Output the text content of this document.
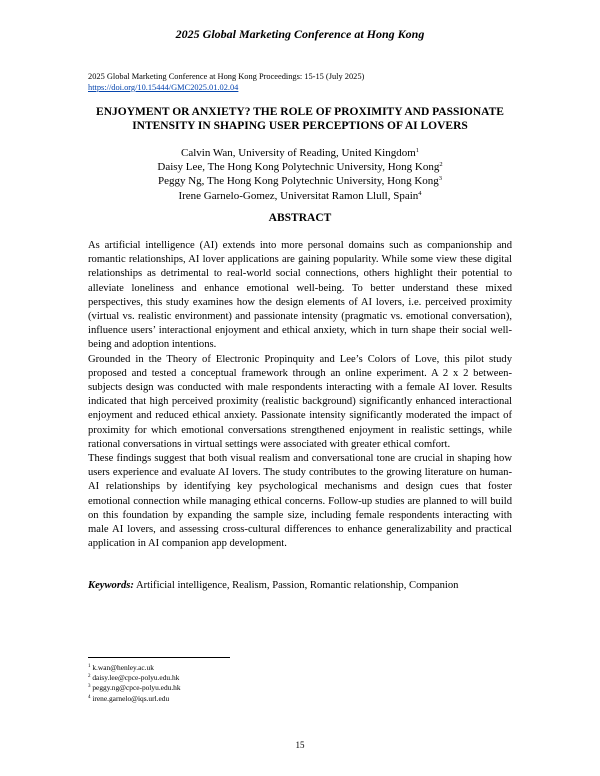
2025 Global Marketing Conference at Hong Kong
2025 Global Marketing Conference at Hong Kong Proceedings: 15-15 (July 2025)
https://doi.org/10.15444/GMC2025.01.02.04
ENJOYMENT OR ANXIETY? THE ROLE OF PROXIMITY AND PASSIONATE
INTENSITY IN SHAPING USER PERCEPTIONS OF AI LOVERS
Calvin Wan, University of Reading, United Kingdom$^1$
Daisy Lee, The Hong Kong Polytechnic University, Hong Kong$^2$
Peggy Ng, The Hong Kong Polytechnic University, Hong Kong$^3$
Irene Garnelo-Gomez, Universitat Ramon Llull, Spain$^4$
ABSTRACT

As artificial intelligence (AI) extends into more personal domains such as companionship and romantic relationships, AI lover applications are gaining popularity. While some view these digital relationships as detrimental to real-world social connections, others highlight their potential to alleviate loneliness and enhance emotional well-being. To better understand these mixed perspectives, this study examines how the design elements of AI lovers, i.e. perceived proximity (virtual vs. realistic environment) and passionate intensity (pragmatic vs. emotional conversation), influence users’ interactional enjoyment and ethical anxiety, which in turn shape their social well-being and adoption intentions.

Grounded in the Theory of Electronic Propinquity and Lee’s Colors of Love, this pilot study proposed and tested a conceptual framework through an online experiment. A 2 x 2 between-subjects design was conducted with male respondents interacting with a female AI lover. Results indicated that high perceived proximity (realistic background) significantly enhanced interactional enjoyment and reduced ethical anxiety. Passionate intensity significantly moderated the impact of proximity for which emotional conversations strengthened enjoyment in realistic settings, while rational conversations in virtual settings were associated with greater ethical comfort.

These findings suggest that both visual realism and conversational tone are crucial in shaping how users experience and evaluate AI lovers. The study contributes to the growing literature on human-AI relationships by identifying key psychological mechanisms and design cues that foster emotional connection while managing ethical concerns. Follow-up studies are planned to will build on this foundation by expanding the sample size, including female respondents interacting with male AI lovers, and assessing cross-cultural differences to enhance generalizability and practical application in AI companion app development.

Keywords: Artificial intelligence, Realism, Passion, Romantic relationship, Companion
$^1$ k.wan@henley.ac.uk
$^2$ daisy.lee@cpce-polyu.edu.hk
$^3$ peggy.ng@cpce-polyu.edu.hk
$^4$ irene.garnelo@iqs.url.edu
15
